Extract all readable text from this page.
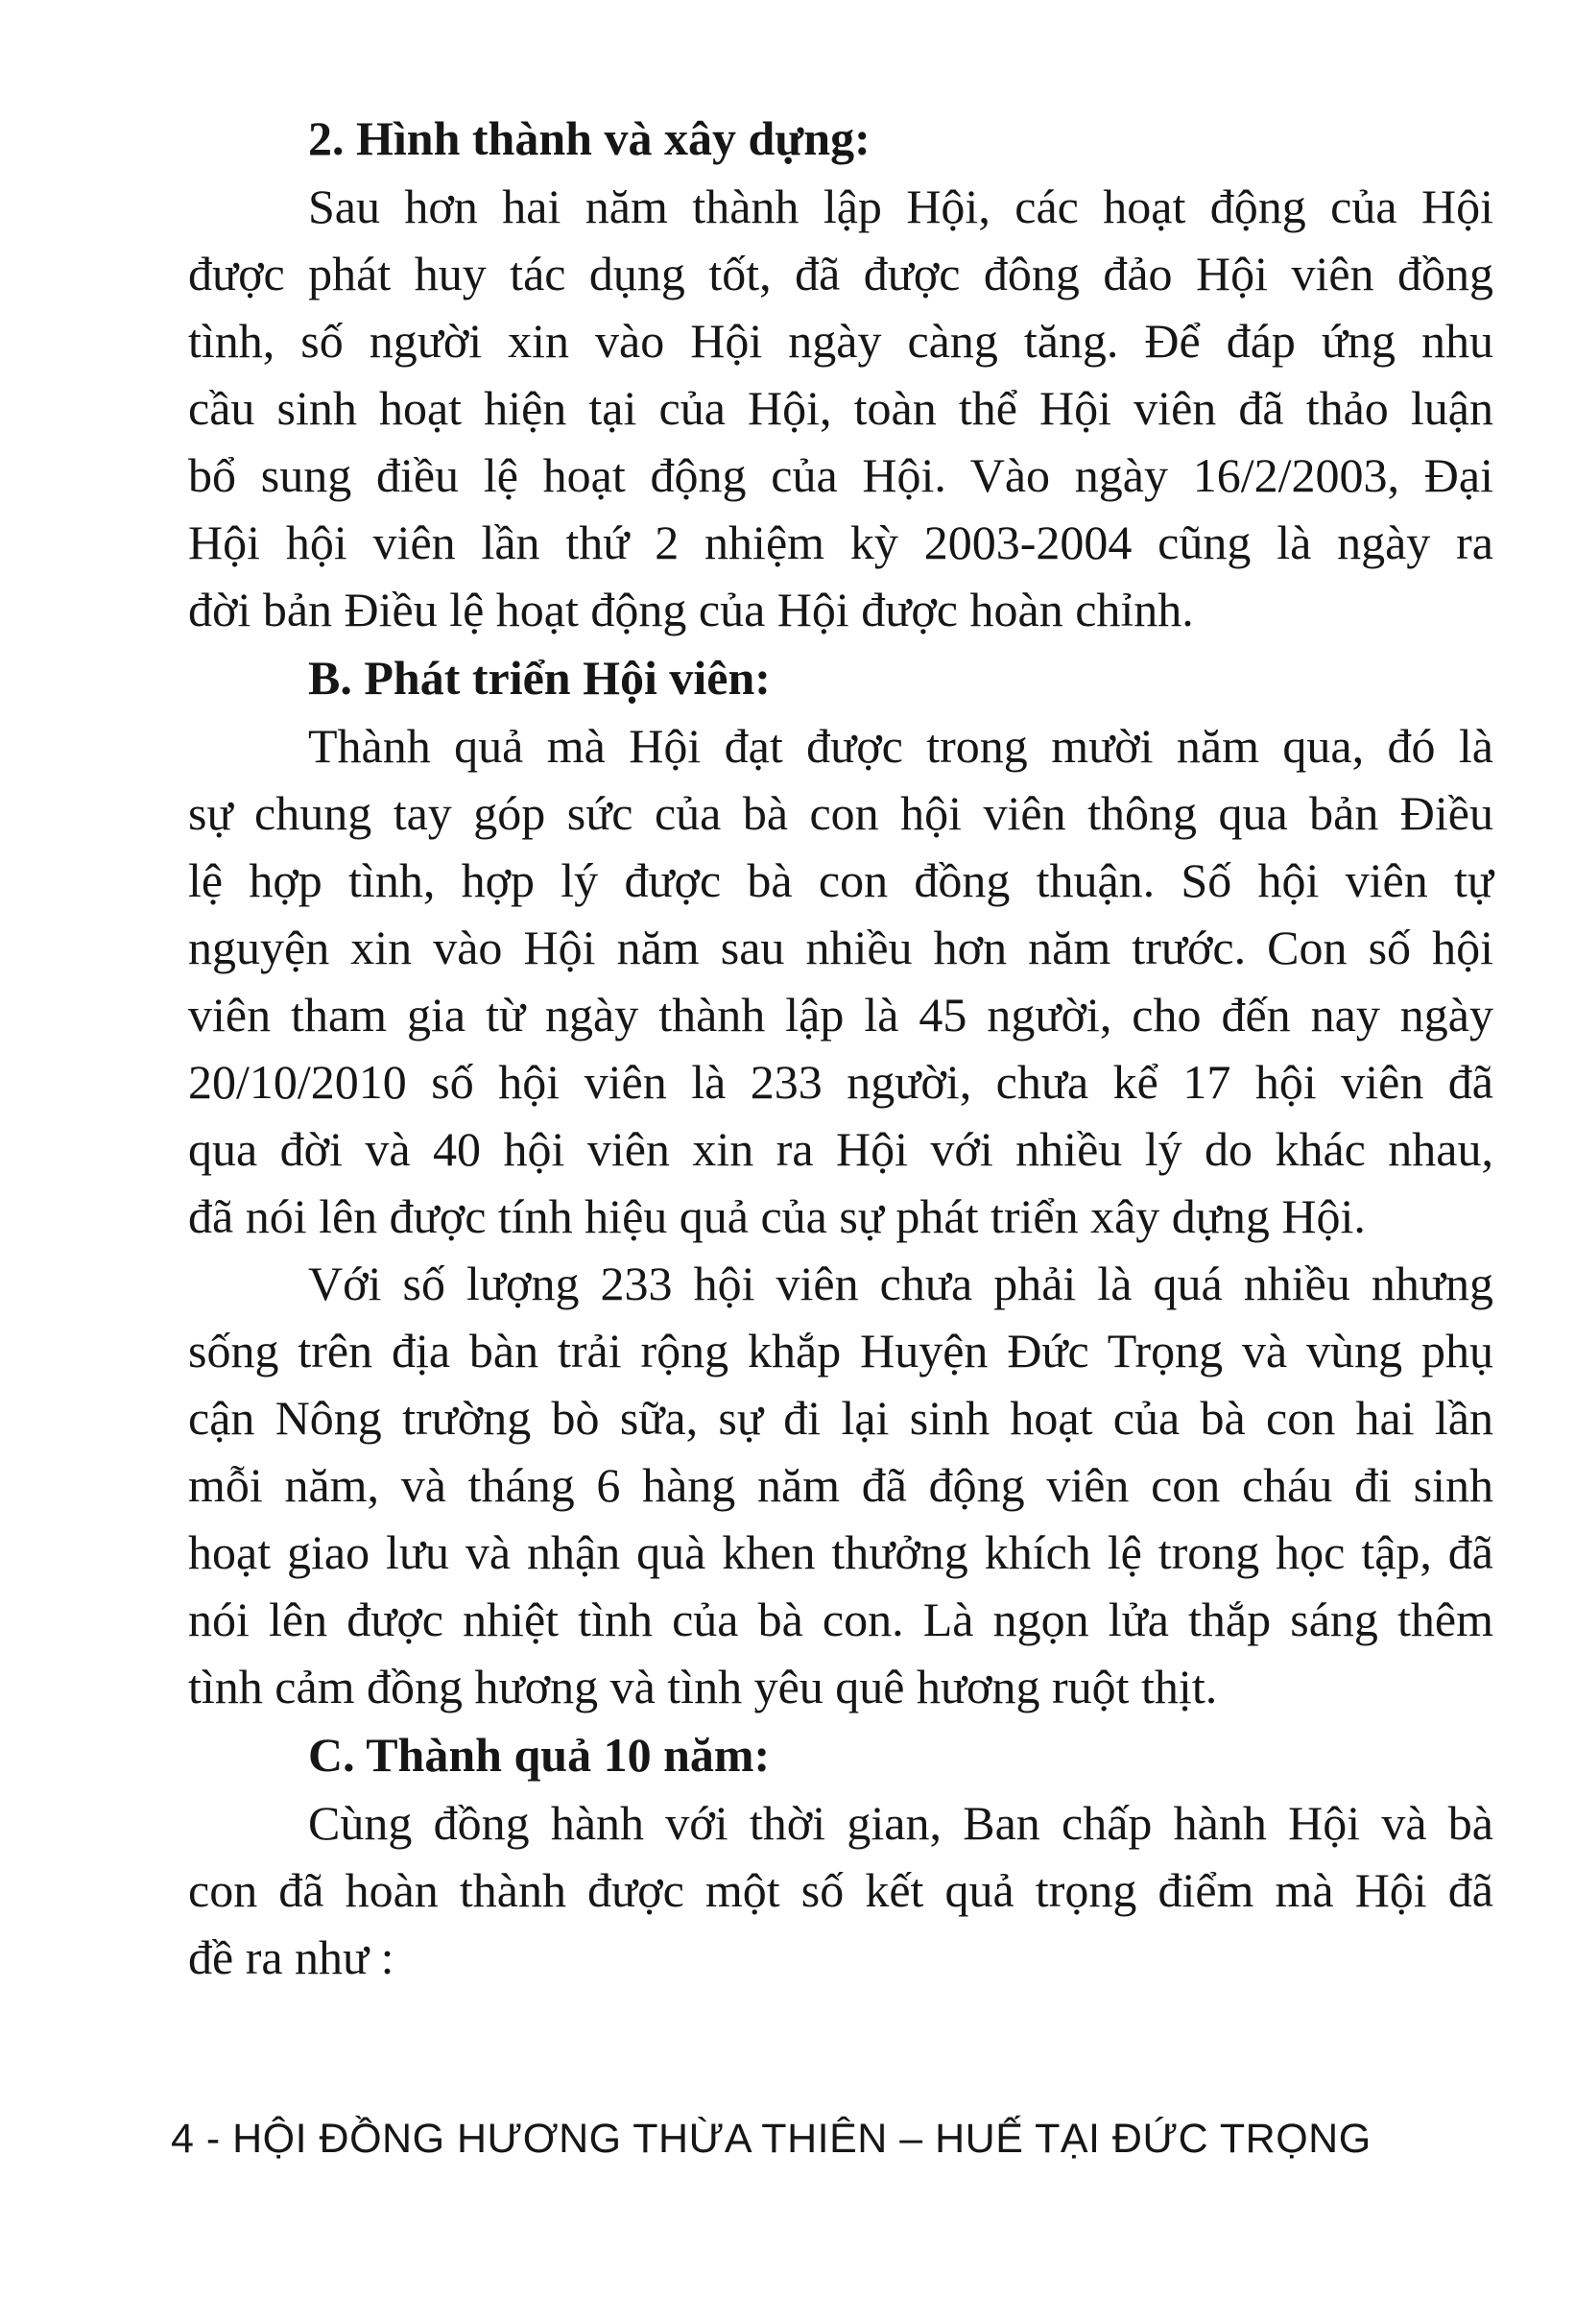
2. Hình thành và xây dựng:
Sau hơn hai năm thành lập Hội, các hoạt động của Hội
được phát huy tác dụng tốt, đã được đông đảo Hội viên đồng
tình, số người xin vào Hội ngày càng tăng. Để đáp ứng nhu
cầu sinh hoạt hiện tại của Hội, toàn thể Hội viên đã thảo luận
bổ sung điều lệ hoạt động của Hội. Vào ngày 16/2/2003, Đại
Hội hội viên lần thứ 2 nhiệm kỳ 2003-2004 cũng là ngày ra
đời bản Điều lệ hoạt động của Hội được hoàn chỉnh.
B. Phát triển Hội viên:
Thành quả mà Hội đạt được trong mười năm qua, đó là
sự chung tay góp sức của bà con hội viên thông qua bản Điều
lệ hợp tình, hợp lý được bà con đồng thuận. Số hội viên tự
nguyện xin vào Hội năm sau nhiều hơn năm trước. Con số hội
viên tham gia từ ngày thành lập là 45 người, cho đến nay ngày
20/10/2010 số hội viên là 233 người, chưa kể 17 hội viên đã
qua đời và 40 hội viên xin ra Hội với nhiều lý do khác nhau,
đã nói lên được tính hiệu quả của sự phát triển xây dựng Hội.
Với số lượng 233 hội viên chưa phải là quá nhiều nhưng
sống trên địa bàn trải rộng khắp Huyện Đức Trọng và vùng phụ
cận Nông trường bò sữa, sự đi lại sinh hoạt của bà con hai lần
mỗi năm, và tháng 6 hàng năm đã động viên con cháu đi sinh
hoạt giao lưu và nhận quà khen thưởng khích lệ trong học tập, đã
nói lên được nhiệt tình của bà con. Là ngọn lửa thắp sáng thêm
tình cảm đồng hương và tình yêu quê hương ruột thịt.
C. Thành quả 10 năm:
Cùng đồng hành với thời gian, Ban chấp hành Hội và bà
con đã hoàn thành được một số kết quả trọng điểm mà Hội đã
đề ra như :
4 - HỘI ĐỒNG HƯƠNG THỪA THIÊN – HUẾ TẠI ĐỨC TRỌNG
